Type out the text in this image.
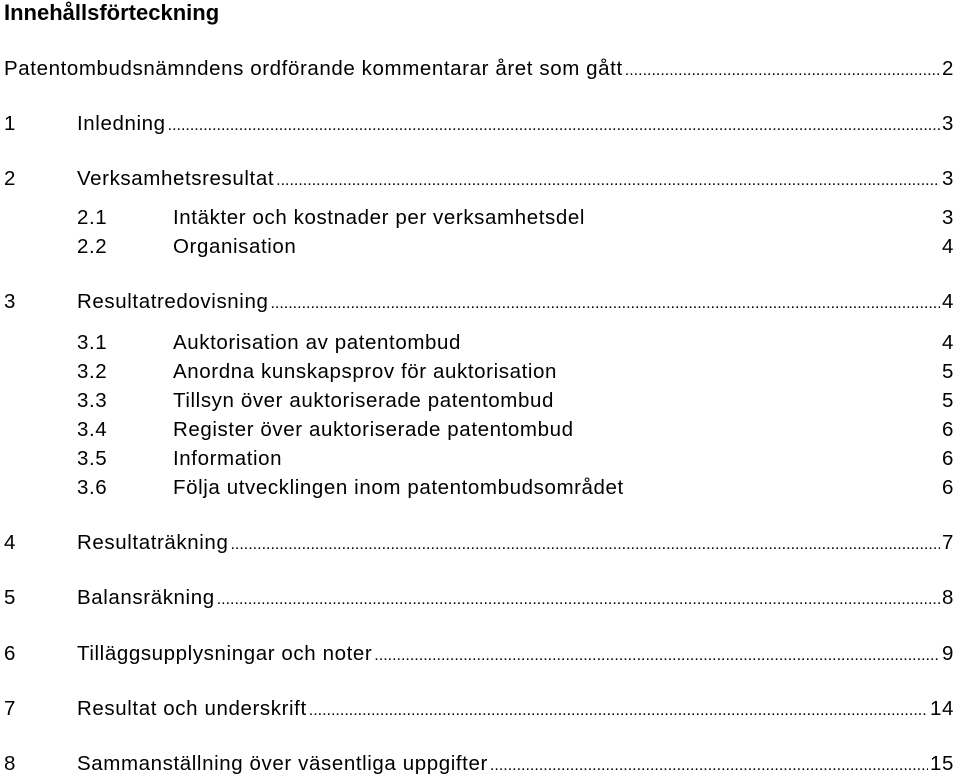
Innehållsförteckning
Patentombudsnämndens ordförande kommentarar året som gått .....	2
1	Inledning .....	3
2	Verksamhetsresultat .....	3
2.1	Intäkter och kostnader per verksamhetsdel	3
2.2	Organisation	4
3	Resultatredovisning .....	4
3.1	Auktorisation av patentombud	4
3.2	Anordna kunskapsprov för auktorisation	5
3.3	Tillsyn över auktoriserade patentombud	5
3.4	Register över auktoriserade patentombud	6
3.5	Information	6
3.6	Följa utvecklingen inom patentombudsområdet	6
4	Resultaträkning .....	7
5	Balansräkning .....	8
6	Tilläggsupplysningar och noter .....	9
7	Resultat och underskrift .....	14
8	Sammanställning över väsentliga uppgifter .....	15
